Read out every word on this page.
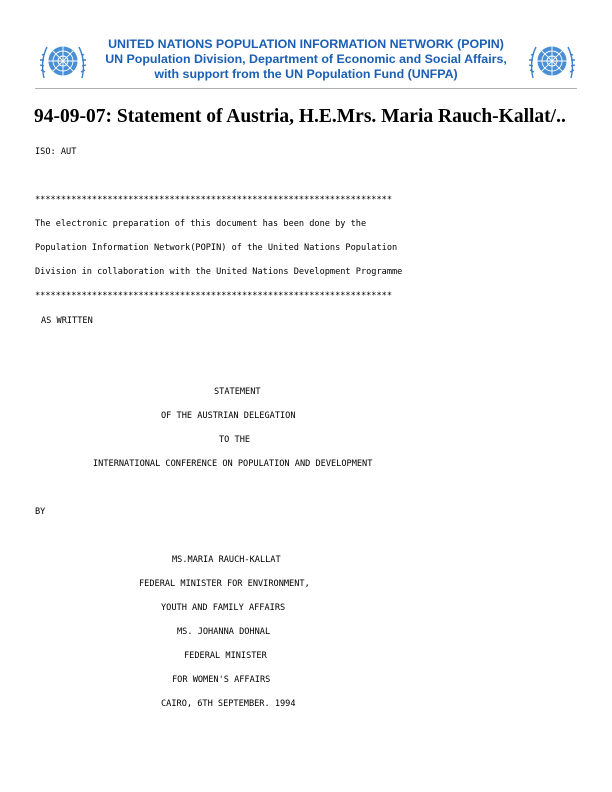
UNITED NATIONS POPULATION INFORMATION NETWORK (POPIN)
UN Population Division, Department of Economic and Social Affairs,
with support from the UN Population Fund (UNFPA)
94-09-07: Statement of Austria, H.E.Mrs. Maria Rauch-Kallat/..
ISO: AUT
*********************************************************************
The electronic preparation of this document has been done by the
Population Information Network(POPIN) of the United Nations Population
Division in collaboration with the United Nations Development Programme
*********************************************************************
AS WRITTEN
STATEMENT
OF THE AUSTRIAN DELEGATION
TO THE
INTERNATIONAL CONFERENCE ON POPULATION AND DEVELOPMENT
BY
MS.MARIA RAUCH-KALLAT
FEDERAL MINISTER FOR ENVIRONMENT,
YOUTH AND FAMILY AFFAIRS
MS. JOHANNA DOHNAL
FEDERAL MINISTER
FOR WOMEN'S AFFAIRS
CAIRO, 6TH SEPTEMBER. 1994
